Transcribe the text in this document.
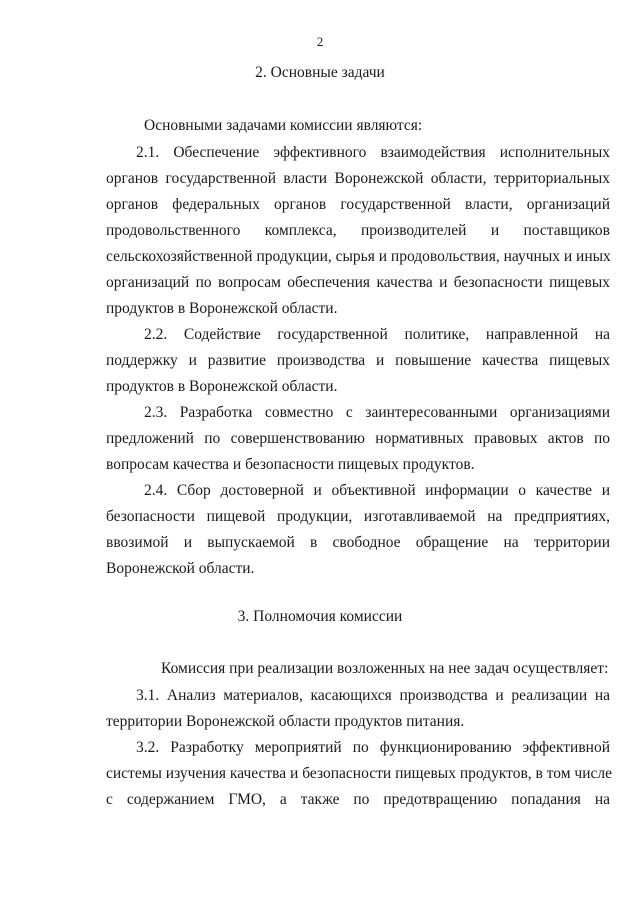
2
2. Основные задачи
Основными задачами комиссии являются:
2.1. Обеспечение эффективного взаимодействия исполнительных
органов государственной власти Воронежской области, территориальных
органов федеральных органов государственной власти, организаций
продовольственного комплекса, производителей и поставщиков
сельскохозяйственной продукции, сырья и продовольствия, научных и иных
организаций по вопросам обеспечения качества и безопасности пищевых
продуктов в Воронежской области.
2.2. Содействие государственной политике, направленной на
поддержку и развитие производства и повышение качества пищевых
продуктов в Воронежской области.
2.3. Разработка совместно с заинтересованными организациями
предложений по совершенствованию нормативных правовых актов по
вопросам качества и безопасности пищевых продуктов.
2.4. Сбор достоверной и объективной информации о качестве и
безопасности пищевой продукции, изготавливаемой на предприятиях,
ввозимой и выпускаемой в свободное обращение на территории
Воронежской области.
3. Полномочия комиссии
Комиссия при реализации возложенных на нее задач осуществляет:
3.1. Анализ материалов, касающихся производства и реализации на
территории Воронежской области продуктов питания.
3.2. Разработку мероприятий по функционированию эффективной
системы изучения качества и безопасности пищевых продуктов, в том числе
с содержанием ГМО, а также по предотвращению попадания на
